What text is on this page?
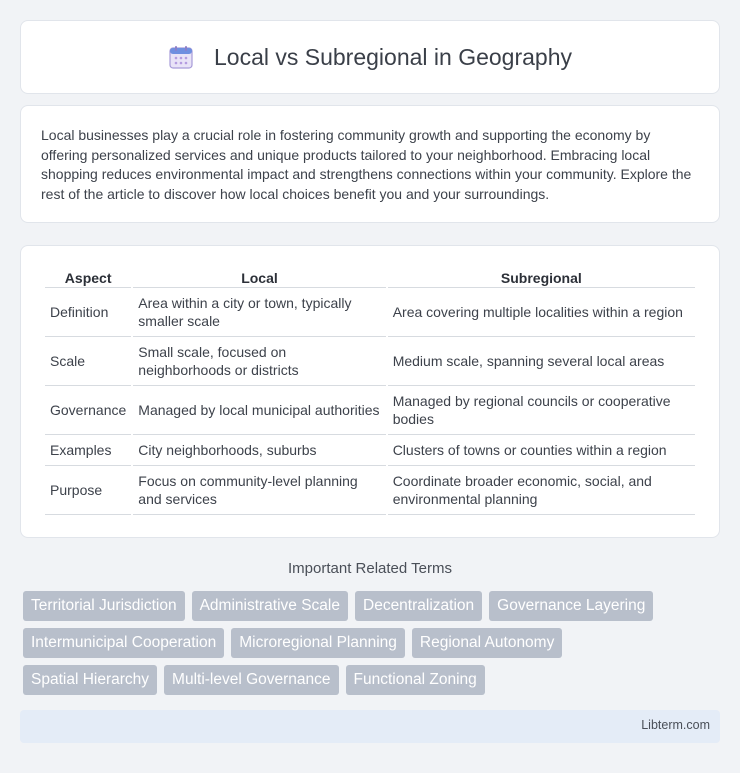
Local vs Subregional in Geography

Local businesses play a crucial role in fostering community growth and supporting the economy by offering personalized services and unique products tailored to your neighborhood. Embracing local shopping reduces environmental impact and strengthens connections within your community. Explore the rest of the article to discover how local choices benefit you and your surroundings.

Aspect	Local	Subregional
Definition	Area within a city or town, typically smaller scale	Area covering multiple localities within a region
Scale	Small scale, focused on neighborhoods or districts	Medium scale, spanning several local areas
Governance	Managed by local municipal authorities	Managed by regional councils or cooperative bodies
Examples	City neighborhoods, suburbs	Clusters of towns or counties within a region
Purpose	Focus on community-level planning and services	Coordinate broader economic, social, and environmental planning
Important Related Terms
Territorial Jurisdiction	Administrative Scale	Decentralization	Governance Layering
Intermunicipal Cooperation	Microregional Planning	Regional Autonomy
Spatial Hierarchy	Multi-level Governance	Functional Zoning
Libterm.com
